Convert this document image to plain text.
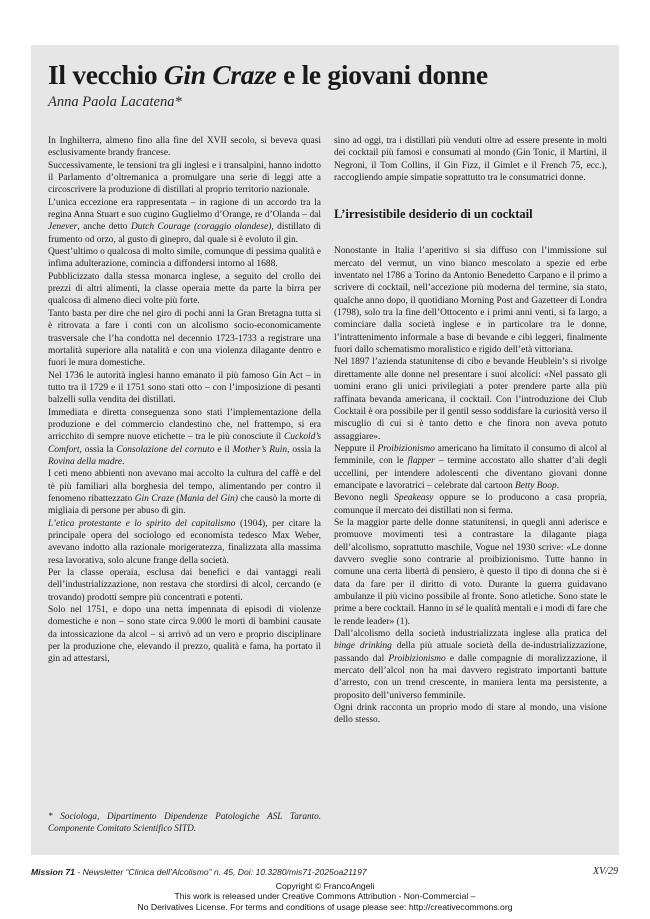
Il vecchio Gin Craze e le giovani donne

Anna Paola Lacatena*

In Inghilterra, almeno fino alla fine del XVII secolo, si beveva quasi esclusivamente brandy francese.

Successivamente, le tensioni tra gli inglesi e i transalpini, hanno indotto il Parlamento d’oltremanica a promulgare una serie di leggi atte a circoscrivere la produzione di distillati al proprio territorio nazionale.

L’unica eccezione era rappresentata – in ragione di un accordo tra la regina Anna Stuart e suo cugino Guglielmo d’Orange, re d’Olanda – dal Jenever, anche detto Dutch Courage (coraggio olandese), distillato di frumento od orzo, al gusto di ginepro, dal quale si è evoluto il gin.

Quest’ultimo o qualcosa di molto simile, comunque di pessima qualità e infima adulterazione, comincia a diffondersi intorno al 1688.

Pubblicizzato dalla stessa monarca inglese, a seguito del crollo dei prezzi di altri alimenti, la classe operaia mette da parte la birra per qualcosa di almeno dieci volte più forte.

Tanto basta per dire che nel giro di pochi anni la Gran Bretagna tutta si è ritrovata a fare i conti con un alcolismo socio-economicamente trasversale che l’ha condotta nel decennio 1723-1733 a registrare una mortalità superiore alla natalità e con una violenza dilagante dentro e fuori le mura domestiche.

Nel 1736 le autorità inglesi hanno emanato il più famoso Gin Act – in tutto tra il 1729 e il 1751 sono stati otto – con l’imposizione di pesanti balzelli sulla vendita dei distillati.

Immediata e diretta conseguenza sono stati l’implementazione della produzione e del commercio clandestino che, nel frattempo, si era arricchito di sempre nuove etichette – tra le più conosciute il Cuckold’s Comfort, ossia la Consolazione del cornuto e il Mother’s Ruin, ossia la Rovina della madre.

I ceti meno abbienti non avevano mai accolto la cultura del caffè e del tè più familiari alla borghesia del tempo, alimentando per contro il fenomeno ribattezzato Gin Craze (Mania del Gin) che causò la morte di migliaia di persone per abuso di gin.

L’etica protestante e lo spirito del capitalismo (1904), per citare la principale opera del sociologo ed economista tedesco Max Weber, avevano indotto alla razionale morigeratezza, finalizzata alla massima resa lavorativa, solo alcune frange della società.

Per la classe operaia, esclusa dai benefici e dai vantaggi reali dell’industrializzazione, non restava che stordirsi di alcol, cercando (e trovando) prodotti sempre più concentrati e potenti.

Solo nel 1751, e dopo una netta impennata di episodi di violenze domestiche e non – sono state circa 9.000 le morti di bambini causate da intossicazione da alcol – si arrivò ad un vero e proprio disciplinare per la produzione che, elevando il prezzo, qualità e fama, ha portato il gin ad attestarsi,

sino ad oggi, tra i distillati più venduti oltre ad essere presente in molti dei cocktail più famosi e consumati al mondo (Gin Tonic, il Martini, il Negroni, il Tom Collins, il Gin Fizz, il Gimlet e il French 75, ecc.), raccogliendo ampie simpatie soprattutto tra le consumatrici donne.

L’irresistibile desiderio di un cocktail

Nonostante in Italia l’aperitivo si sia diffuso con l’immissione sul mercato del vermut, un vino bianco mescolato a spezie ed erbe inventato nel 1786 a Torino da Antonio Benedetto Carpano e il primo a scrivere di cocktail, nell’accezione più moderna del termine, sia stato, qualche anno dopo, il quotidiano Morning Post and Gazetteer di Londra (1798), solo tra la fine dell’Ottocento e i primi anni venti, si fa largo, a cominciare dalla società inglese e in particolare tra le donne, l’intrattenimento informale a base di bevande e cibi leggeri, finalmente fuori dallo schematismo moralistico e rigido dell’età vittoriana.

Nel 1897 l’azienda statunitense di cibo e bevande Heublein’s si rivolge direttamente alle donne nel presentare i suoi alcolici: «Nel passato gli uomini erano gli unici privilegiati a poter prendere parte alla più raffinata bevanda americana, il cocktail. Con l’introduzione dei Club Cocktail è ora possibile per il gentil sesso soddisfare la curiosità verso il miscuglio di cui si è tanto detto e che finora non aveva potuto assaggiare».

Neppure il Proibizionismo americano ha limitato il consumo di alcol al femminile, con le flapper – termine accostato allo shatter d’ali degli uccellini, per intendere adolescenti che diventano giovani donne emancipate e lavoratrici – celebrate dal cartoon Betty Boop.

Bevono negli Speakeasy oppure se lo producono a casa propria, comunque il mercato dei distillati non si ferma.

Se la maggior parte delle donne statunitensi, in quegli anni aderisce e promuove movimenti tesi a contrastare la dilagante piaga dell’alcolismo, soprattutto maschile, Vogue nel 1930 scrive: «Le donne davvero sveglie sono contrarie al proibizionismo. Tutte hanno in comune una certa libertà di pensiero, è questo il tipo di donna che si è data da fare per il diritto di voto. Durante la guerra guidavano ambulanze il più vicino possibile al fronte. Sono atletiche. Sono state le prime a bere cocktail. Hanno in sé le qualità mentali e i modi di fare che le rende leader» (1).

Dall’alcolismo della società industrializzata inglese alla pratica del binge drinking della più attuale società della de-industrializzazione, passando dal Proibizionismo e dalle compagnie di moralizzazione, il mercato dell’alcol non ha mai davvero registrato importanti battute d’arresto, con un trend crescente, in maniera lenta ma persistente, a proposito dell’universo femminile.

Ogni drink racconta un proprio modo di stare al mondo, una visione dello stesso.

* Sociologa, Dipartimento Dipendenze Patologiche ASL Taranto. Componente Comitato Scientifico SITD.

Mission 71 - Newsletter “Clinica dell’Alcolismo” n. 45, Doi: 10.3280/mis71-2025oa21197	XV/29
Copyright © FrancoAngeli
This work is released under Creative Commons Attribution - Non-Commercial –
No Derivatives License. For terms and conditions of usage please see: http://creativecommons.org
